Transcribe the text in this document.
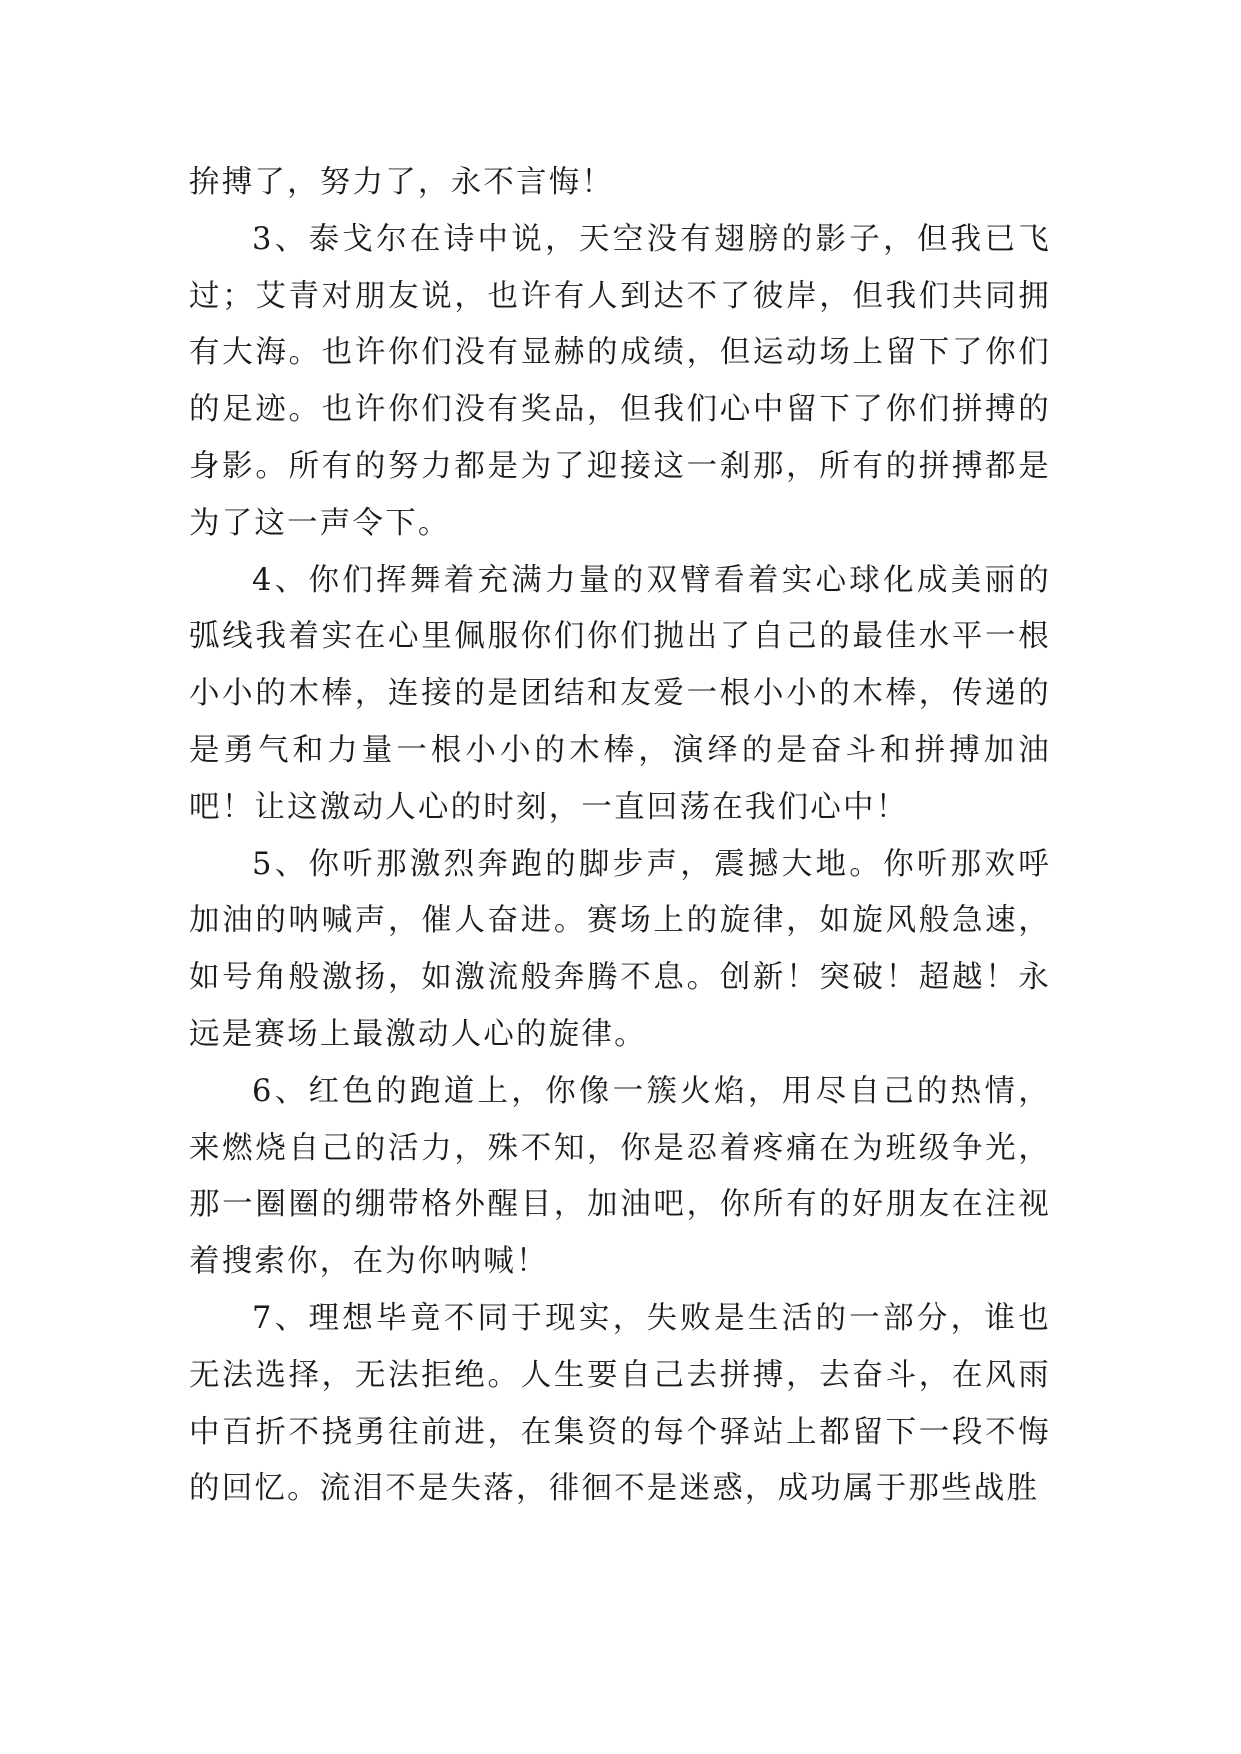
拚搏了，努力了，永不言悔！

3、泰戈尔在诗中说，天空没有翅膀的影子，但我已飞过；艾青对朋友说，也许有人到达不了彼岸，但我们共同拥有大海。也许你们没有显赫的成绩，但运动场上留下了你们的足迹。也许你们没有奖品，但我们心中留下了你们拼搏的身影。所有的努力都是为了迎接这一刹那，所有的拼搏都是为了这一声令下。

4、你们挥舞着充满力量的双臂看着实心球化成美丽的弧线我着实在心里佩服你们你们抛出了自己的最佳水平一根小小的木棒，连接的是团结和友爱一根小小的木棒，传递的是勇气和力量一根小小的木棒，演绎的是奋斗和拼搏加油吧！让这激动人心的时刻，一直回荡在我们心中！

5、你听那激烈奔跑的脚步声，震撼大地。你听那欢呼加油的呐喊声，催人奋进。赛场上的旋律，如旋风般急速，如号角般激扬，如激流般奔腾不息。创新！突破！超越！永远是赛场上最激动人心的旋律。

6、红色的跑道上，你像一簇火焰，用尽自己的热情，来燃烧自己的活力，殊不知，你是忍着疼痛在为班级争光，那一圈圈的绷带格外醒目，加油吧，你所有的好朋友在注视着搜索你，在为你呐喊！

7、理想毕竟不同于现实，失败是生活的一部分，谁也无法选择，无法拒绝。人生要自己去拼搏，去奋斗，在风雨中百折不挠勇往前进，在集资的每个驿站上都留下一段不悔的回忆。流泪不是失落，徘徊不是迷惑，成功属于那些战胜
